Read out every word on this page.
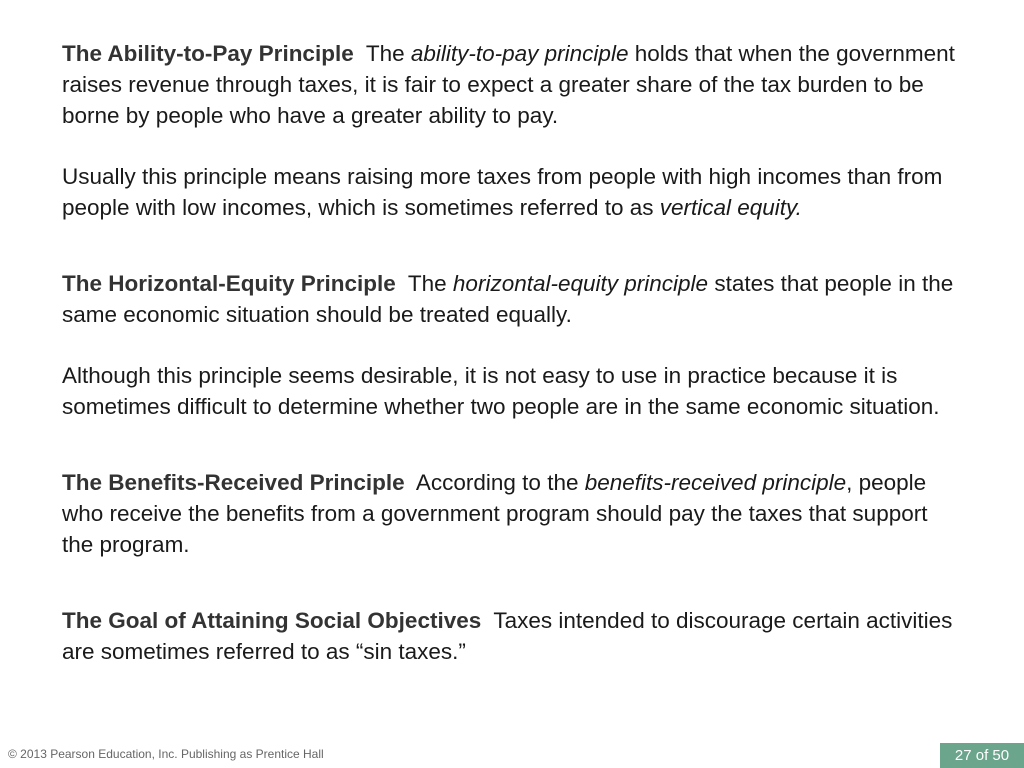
The Ability-to-Pay Principle The ability-to-pay principle holds that when the government raises revenue through taxes, it is fair to expect a greater share of the tax burden to be borne by people who have a greater ability to pay.

Usually this principle means raising more taxes from people with high incomes than from people with low incomes, which is sometimes referred to as vertical equity.

The Horizontal-Equity Principle The horizontal-equity principle states that people in the same economic situation should be treated equally.

Although this principle seems desirable, it is not easy to use in practice because it is sometimes difficult to determine whether two people are in the same economic situation.

The Benefits-Received Principle According to the benefits-received principle, people who receive the benefits from a government program should pay the taxes that support the program.

The Goal of Attaining Social Objectives Taxes intended to discourage certain activities are sometimes referred to as “sin taxes.”

© 2013 Pearson Education, Inc. Publishing as Prentice Hall	27 of 50
